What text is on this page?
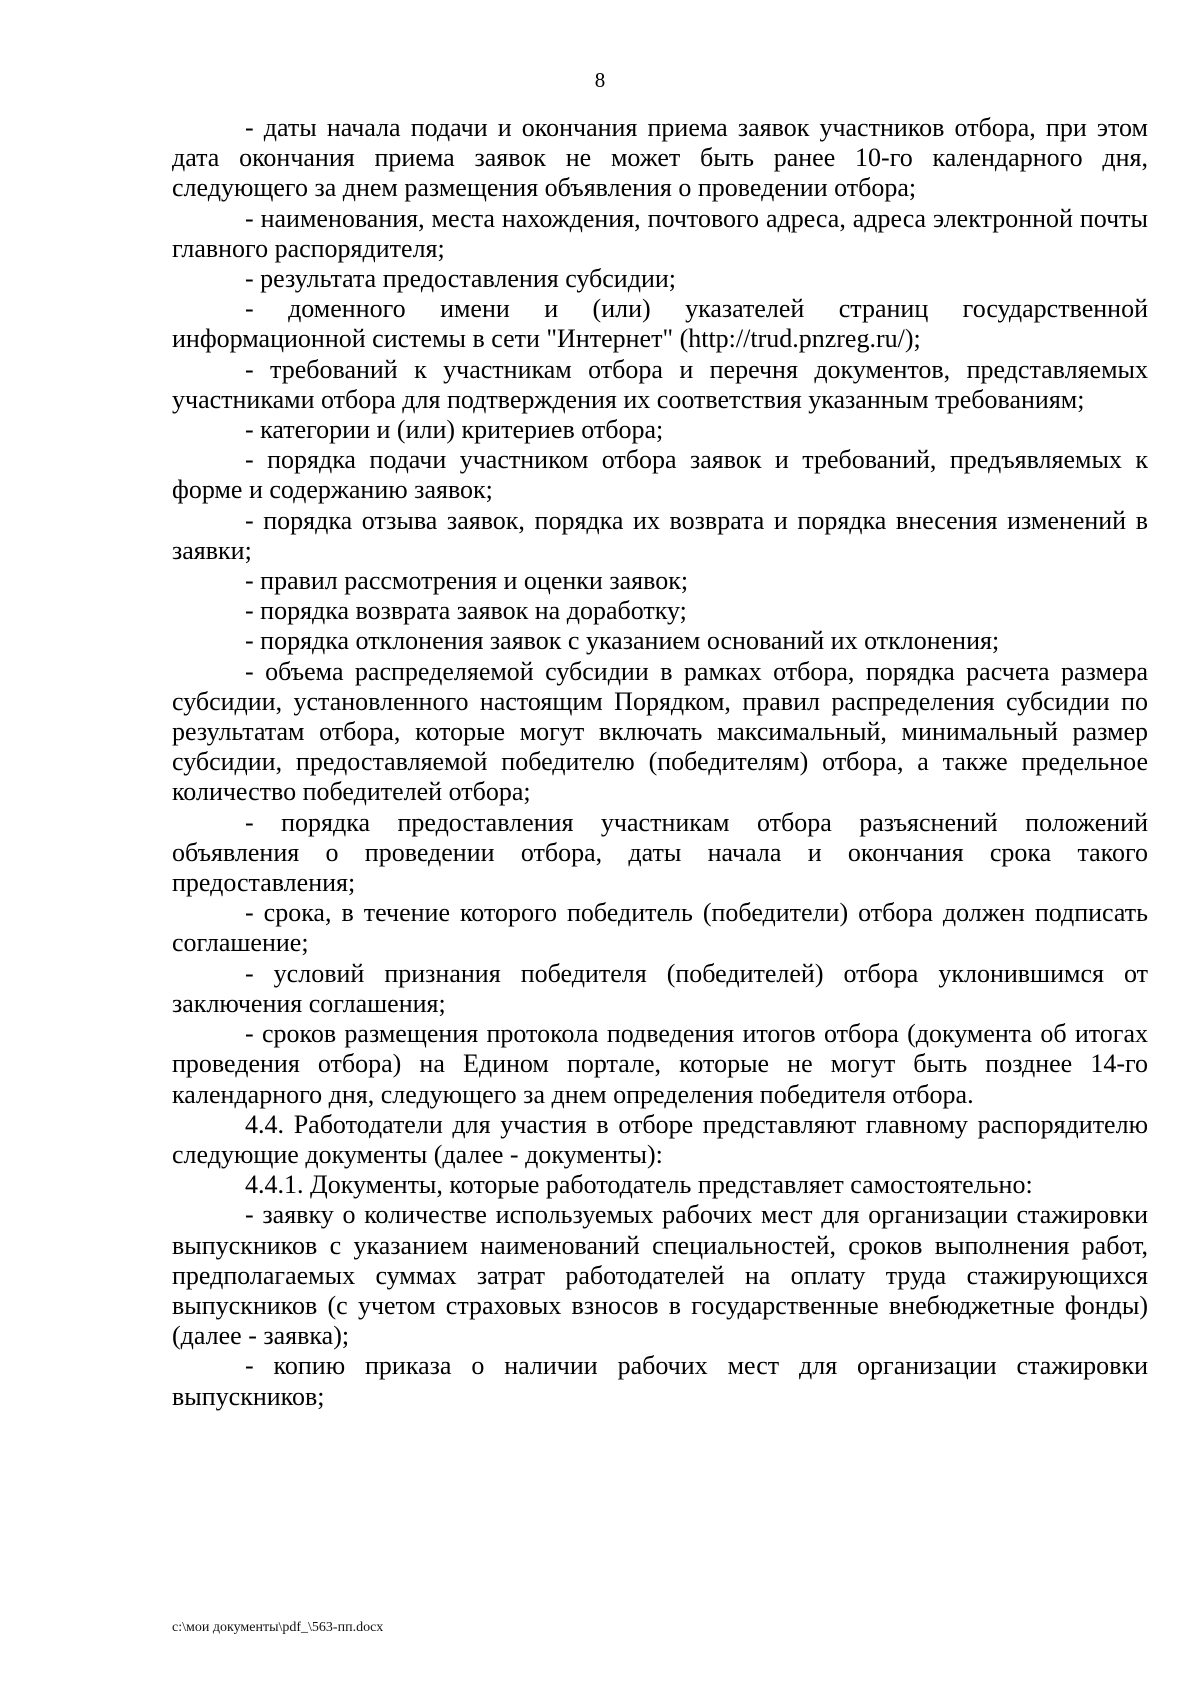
8

- даты начала подачи и окончания приема заявок участников отбора, при этом дата окончания приема заявок не может быть ранее 10-го календарного дня, следующего за днем размещения объявления о проведении отбора;

- наименования, места нахождения, почтового адреса, адреса электронной почты главного распорядителя;

- результата предоставления субсидии;

- доменного имени и (или) указателей страниц государственной информационной системы в сети "Интернет" (http://trud.pnzreg.ru/);

- требований к участникам отбора и перечня документов, представляемых участниками отбора для подтверждения их соответствия указанным требованиям;

- категории и (или) критериев отбора;

- порядка подачи участником отбора заявок и требований, предъявляемых к форме и содержанию заявок;

- порядка отзыва заявок, порядка их возврата и порядка внесения изменений в заявки;

- правил рассмотрения и оценки заявок;

- порядка возврата заявок на доработку;

- порядка отклонения заявок с указанием оснований их отклонения;

- объема распределяемой субсидии в рамках отбора, порядка расчета размера субсидии, установленного настоящим Порядком, правил распределения субсидии по результатам отбора, которые могут включать максимальный, минимальный размер субсидии, предоставляемой победителю (победителям) отбора, а также предельное количество победителей отбора;

- порядка предоставления участникам отбора разъяснений положений объявления о проведении отбора, даты начала и окончания срока такого предоставления;

- срока, в течение которого победитель (победители) отбора должен подписать соглашение;

- условий признания победителя (победителей) отбора уклонившимся от заключения соглашения;

- сроков размещения протокола подведения итогов отбора (документа об итогах проведения отбора) на Едином портале, которые не могут быть позднее 14-го календарного дня, следующего за днем определения победителя отбора.

4.4. Работодатели для участия в отборе представляют главному распорядителю следующие документы (далее - документы):

4.4.1. Документы, которые работодатель представляет самостоятельно:

- заявку о количестве используемых рабочих мест для организации стажировки выпускников с указанием наименований специальностей, сроков выполнения работ, предполагаемых суммах затрат работодателей на оплату труда стажирующихся выпускников (с учетом страховых взносов в государственные внебюджетные фонды) (далее - заявка);

- копию приказа о наличии рабочих мест для организации стажировки выпускников;

c:\мои документы\pdf_\563-пп.docx
